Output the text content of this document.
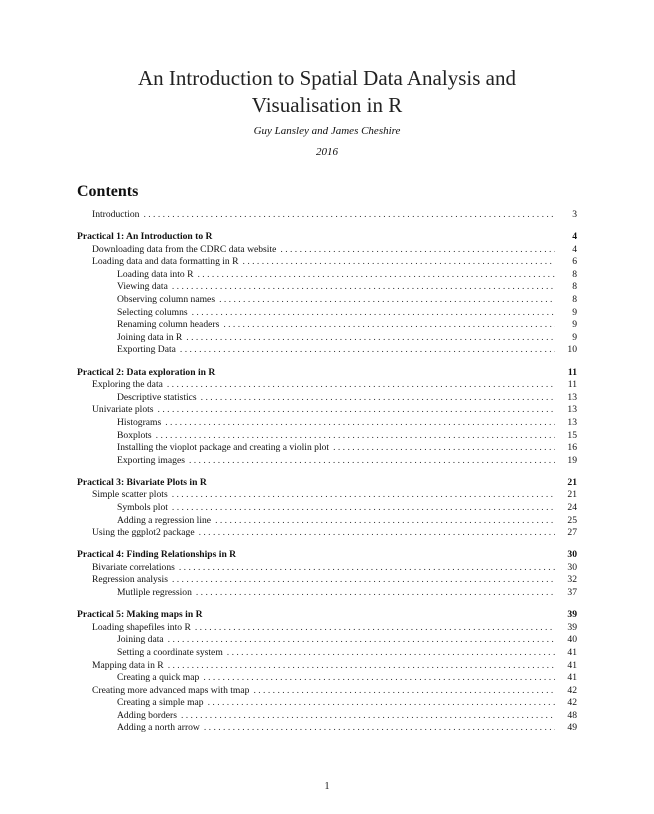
An Introduction to Spatial Data Analysis and
Visualisation in R
Guy Lansley and James Cheshire
2016
Contents
Introduction . . .	3
Practical 1: An Introduction to R	4
Downloading data from the CDRC data website . . .	4
Loading data and data formatting in R . . .	6
Loading data into R . . .	8
Viewing data . . .	8
Observing column names . . .	8
Selecting columns . . .	9
Renaming column headers . . .	9
Joining data in R . . .	9
Exporting Data . . .	10
Practical 2: Data exploration in R	11
Exploring the data . . .	11
Descriptive statistics . . .	13
Univariate plots . . .	13
Histograms . . .	13
Boxplots . . .	15
Installing the vioplot package and creating a violin plot . . .	16
Exporting images . . .	19
Practical 3: Bivariate Plots in R	21
Simple scatter plots . . .	21
Symbols plot . . .	24
Adding a regression line . . .	25
Using the ggplot2 package . . .	27
Practical 4: Finding Relationships in R	30
Bivariate correlations . . .	30
Regression analysis . . .	32
Mutliple regression . . .	37
Practical 5: Making maps in R	39
Loading shapefiles into R . . .	39
Joining data . . .	40
Setting a coordinate system . . .	41
Mapping data in R . . .	41
Creating a quick map . . .	41
Creating more advanced maps with tmap . . .	42
Creating a simple map . . .	42
Adding borders . . .	48
Adding a north arrow . . .	49
1
